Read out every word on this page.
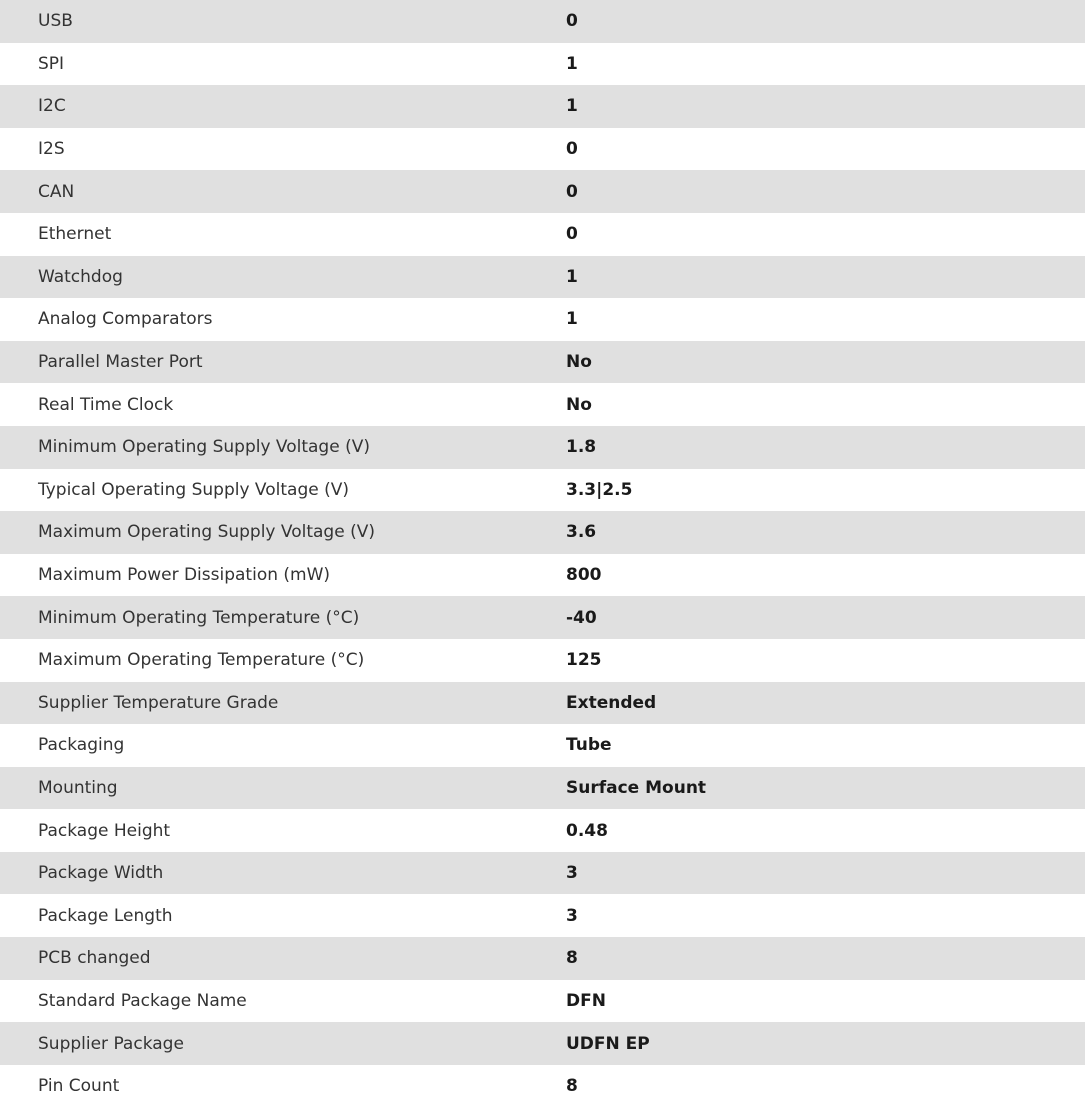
USB	0
SPI	1
I2C	1
I2S	0
CAN	0
Ethernet	0
Watchdog	1
Analog Comparators	1
Parallel Master Port	No
Real Time Clock	No
Minimum Operating Supply Voltage (V)	1.8
Typical Operating Supply Voltage (V)	3.3|2.5
Maximum Operating Supply Voltage (V)	3.6
Maximum Power Dissipation (mW)	800
Minimum Operating Temperature (°C)	-40
Maximum Operating Temperature (°C)	125
Supplier Temperature Grade	Extended
Packaging	Tube
Mounting	Surface Mount
Package Height	0.48
Package Width	3
Package Length	3
PCB changed	8
Standard Package Name	DFN
Supplier Package	UDFN EP
Pin Count	8
